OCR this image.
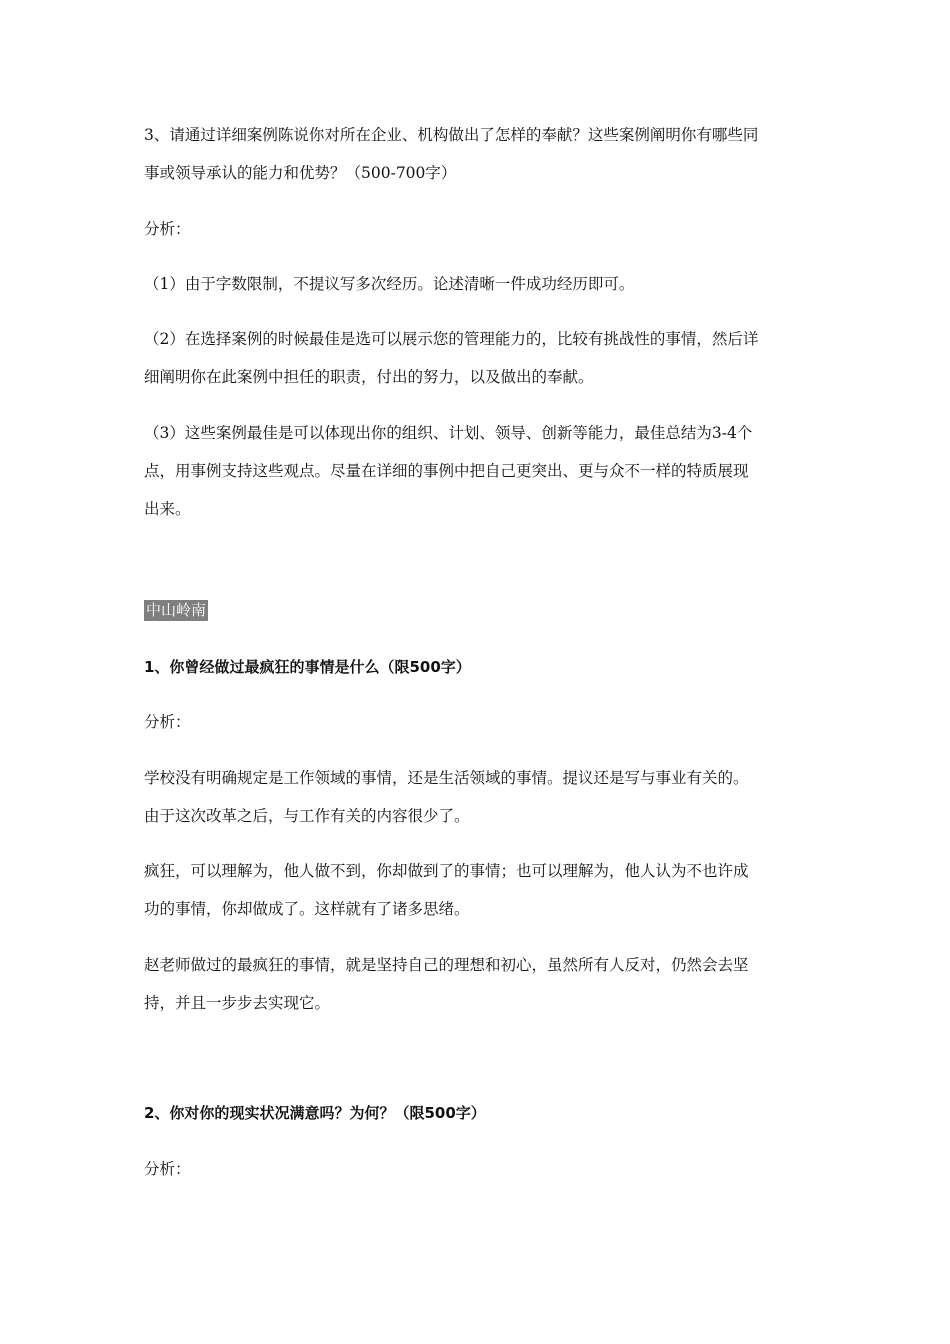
3、请通过详细案例陈说你对所在企业、机构做出了怎样的奉献？这些案例阐明你有哪些同
事或领导承认的能力和优势？（500-700字）
分析：
（1）由于字数限制，不提议写多次经历。论述清晰一件成功经历即可。
（2）在选择案例的时候最佳是选可以展示您的管理能力的，比较有挑战性的事情，然后详
细阐明你在此案例中担任的职责，付出的努力，以及做出的奉献。
（3）这些案例最佳是可以体现出你的组织、计划、领导、创新等能力，最佳总结为3-4个
点，用事例支持这些观点。尽量在详细的事例中把自己更突出、更与众不一样的特质展现
出来。
中山岭南
1、你曾经做过最疯狂的事情是什么（限500字）
分析：
学校没有明确规定是工作领域的事情，还是生活领域的事情。提议还是写与事业有关的。
由于这次改革之后，与工作有关的内容很少了。
疯狂，可以理解为，他人做不到，你却做到了的事情；也可以理解为，他人认为不也许成
功的事情，你却做成了。这样就有了诸多思绪。
赵老师做过的最疯狂的事情，就是坚持自己的理想和初心，虽然所有人反对，仍然会去坚
持，并且一步步去实现它。
2、你对你的现实状况满意吗？为何？（限500字）
分析：
